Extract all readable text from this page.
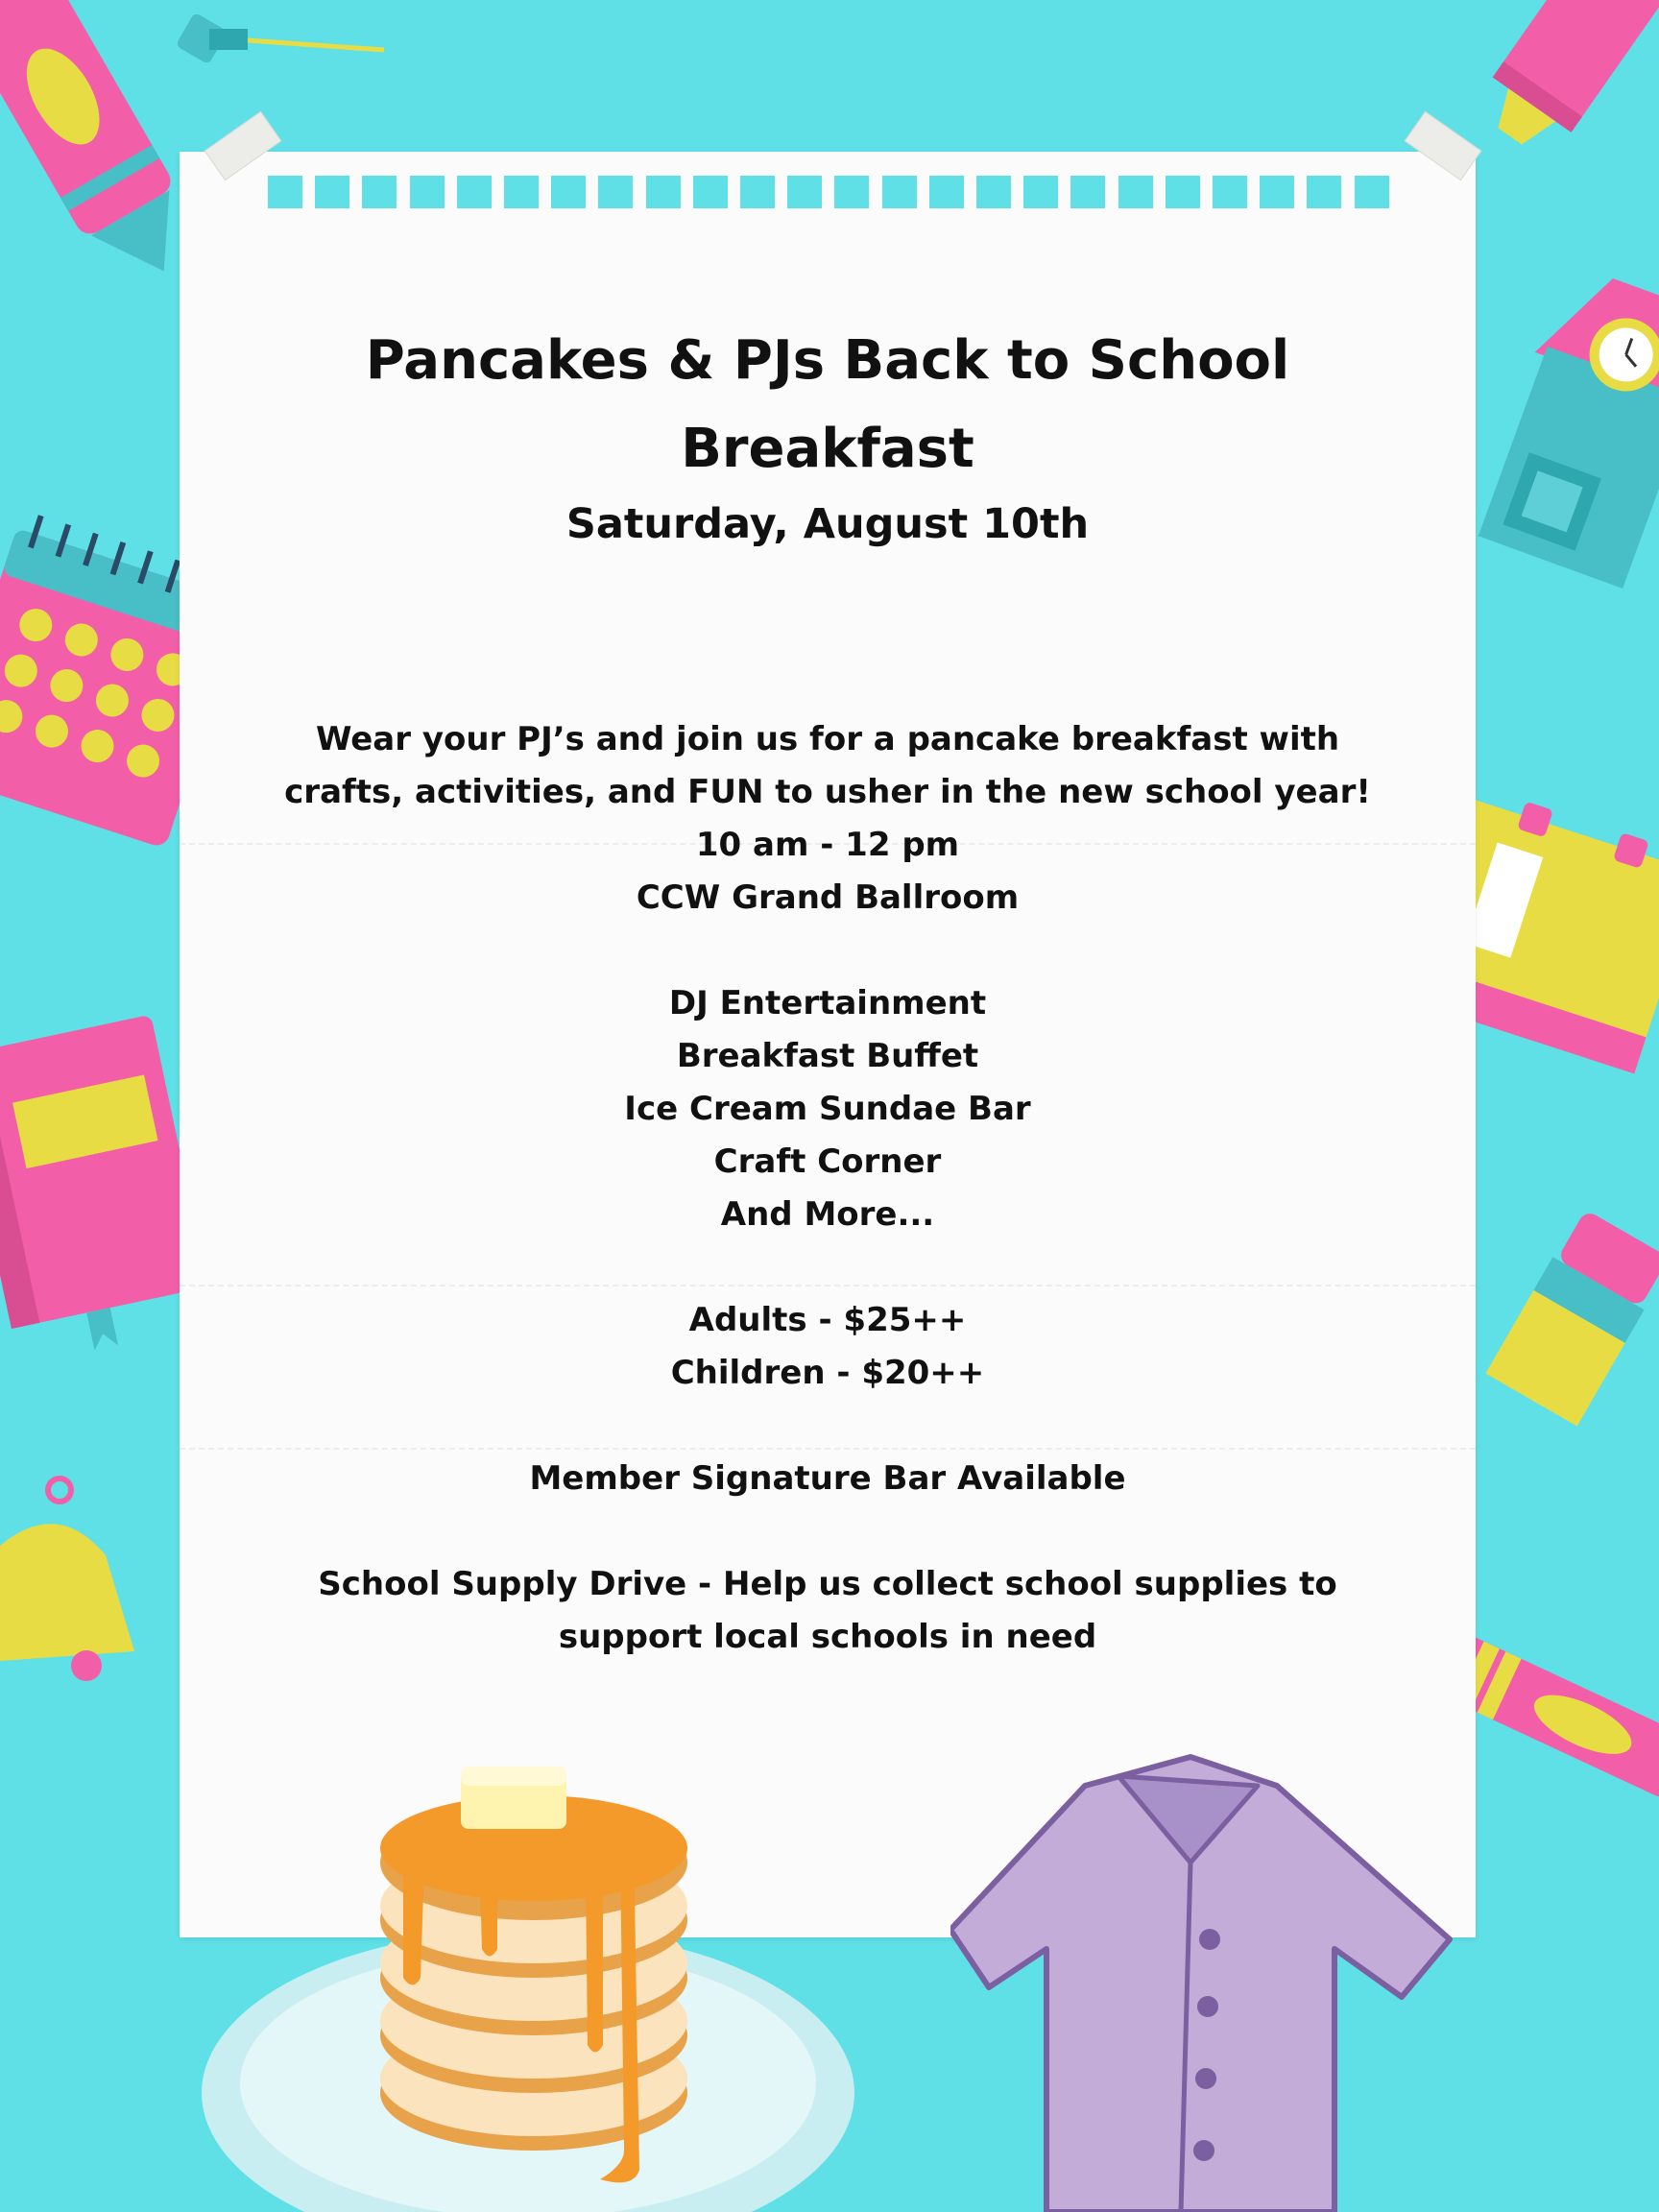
Pancakes & PJs Back to School Breakfast
Saturday, August 10th
Wear your PJ’s and join us for a pancake breakfast with
crafts, activities, and FUN to usher in the new school year!
10 am - 12 pm
CCW Grand Ballroom
DJ Entertainment
Breakfast Buffet
Ice Cream Sundae Bar
Craft Corner
And More...
Adults - $25++
Children - $20++
Member Signature Bar Available
School Supply Drive - Help us collect school supplies to
support local schools in need
